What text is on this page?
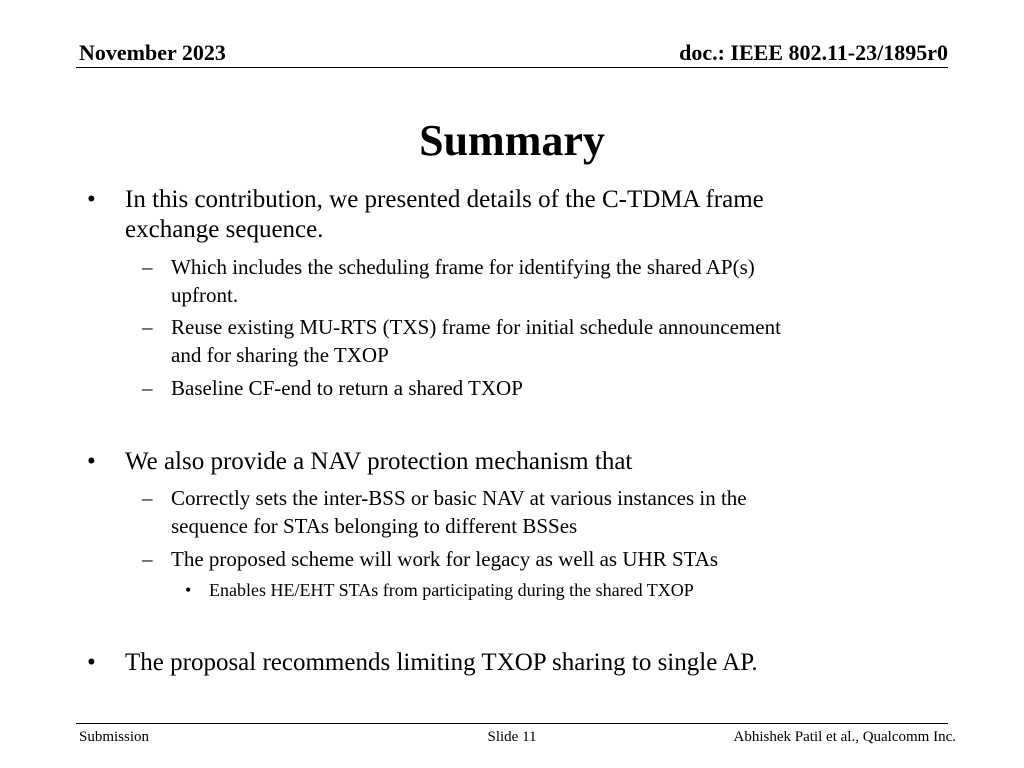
November 2023	doc.: IEEE 802.11-23/1895r0
Summary
• In this contribution, we presented details of the C-TDMA frame
exchange sequence.
– Which includes the scheduling frame for identifying the shared AP(s)
upfront.
– Reuse existing MU-RTS (TXS) frame for initial schedule announcement
and for sharing the TXOP
– Baseline CF-end to return a shared TXOP
• We also provide a NAV protection mechanism that
– Correctly sets the inter-BSS or basic NAV at various instances in the
sequence for STAs belonging to different BSSes
– The proposed scheme will work for legacy as well as UHR STAs
• Enables HE/EHT STAs from participating during the shared TXOP
• The proposal recommends limiting TXOP sharing to single AP.
Submission	Slide 11	Abhishek Patil et al., Qualcomm Inc.
